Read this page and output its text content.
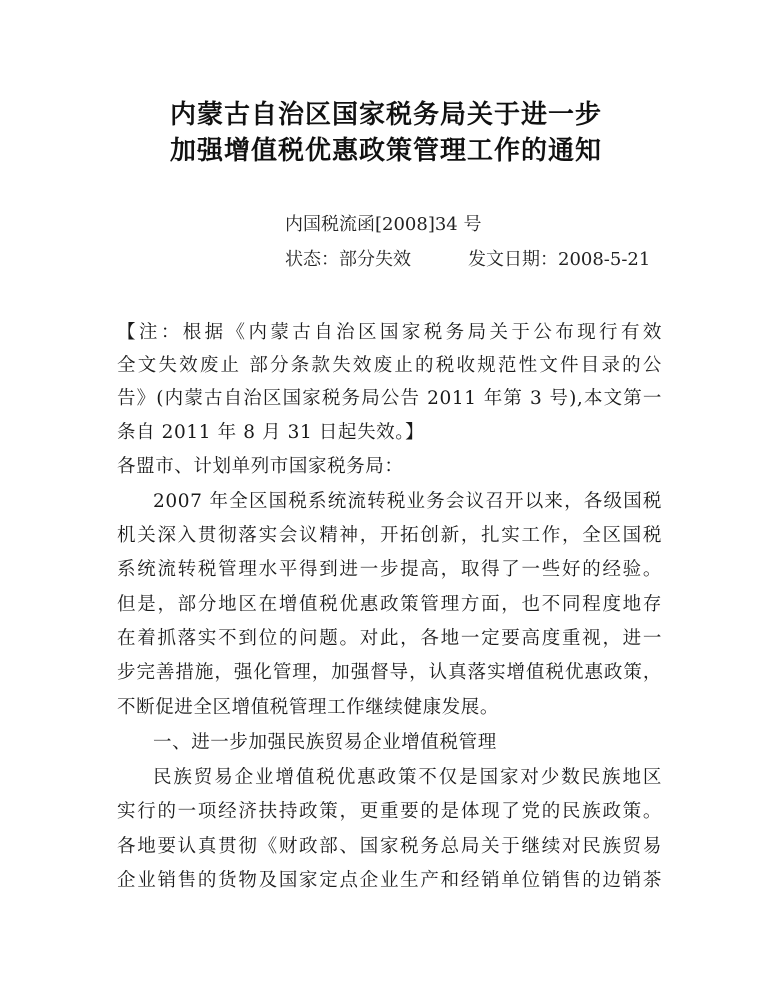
内蒙古自治区国家税务局关于进一步
加强增值税优惠政策管理工作的通知
内国税流函[2008]34 号
状态：部分失效	发文日期：2008-5-21
【注：根据《内蒙古自治区国家税务局关于公布现行有效
全文失效废止 部分条款失效废止的税收规范性文件目录的公
告》(内蒙古自治区国家税务局公告 2011 年第 3 号),本文第一
条自 2011 年 8 月 31 日起失效。】
各盟市、计划单列市国家税务局：
2007 年全区国税系统流转税业务会议召开以来，各级国税
机关深入贯彻落实会议精神，开拓创新，扎实工作，全区国税
系统流转税管理水平得到进一步提高，取得了一些好的经验。
但是，部分地区在增值税优惠政策管理方面，也不同程度地存
在着抓落实不到位的问题。对此，各地一定要高度重视，进一
步完善措施，强化管理，加强督导，认真落实增值税优惠政策，
不断促进全区增值税管理工作继续健康发展。
一、进一步加强民族贸易企业增值税管理
民族贸易企业增值税优惠政策不仅是国家对少数民族地区
实行的一项经济扶持政策，更重要的是体现了党的民族政策。
各地要认真贯彻《财政部、国家税务总局关于继续对民族贸易
企业销售的货物及国家定点企业生产和经销单位销售的边销茶
